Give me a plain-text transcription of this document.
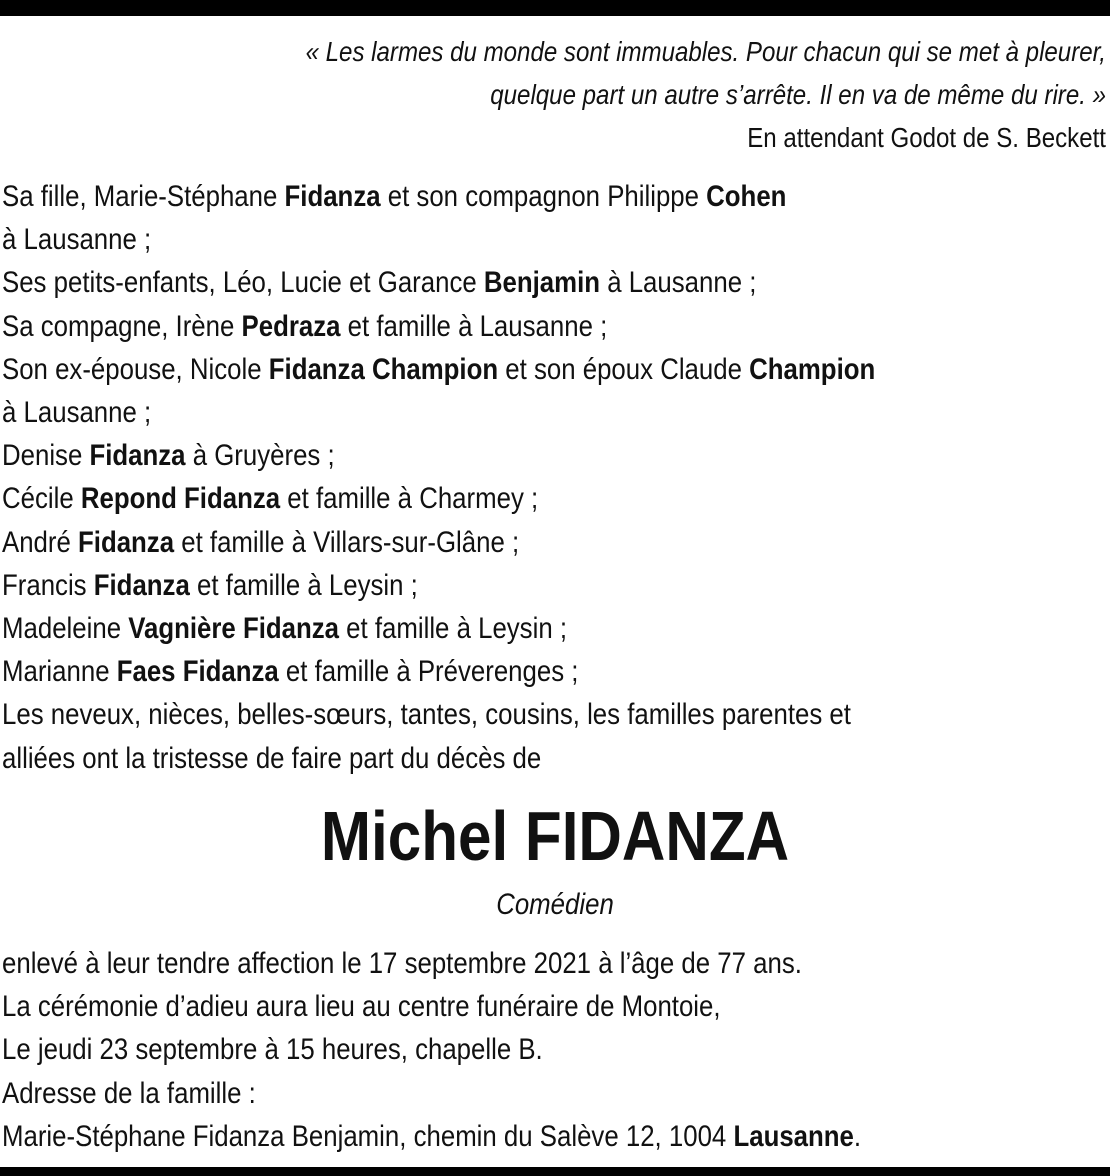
« Les larmes du monde sont immuables. Pour chacun qui se met à pleurer,
quelque part un autre s’arrête. Il en va de même du rire. »
En attendant Godot de S. Beckett
Sa fille, Marie-Stéphane Fidanza et son compagnon Philippe Cohen
à Lausanne ;
Ses petits-enfants, Léo, Lucie et Garance Benjamin à Lausanne ;
Sa compagne, Irène Pedraza et famille à Lausanne ;
Son ex-épouse, Nicole Fidanza Champion et son époux Claude Champion
à Lausanne ;
Denise Fidanza à Gruyères ;
Cécile Repond Fidanza et famille à Charmey ;
André Fidanza et famille à Villars-sur-Glâne ;
Francis Fidanza et famille à Leysin ;
Madeleine Vagnière Fidanza et famille à Leysin ;
Marianne Faes Fidanza et famille à Préverenges ;
Les neveux, nièces, belles-sœurs, tantes, cousins, les familles parentes et
alliées ont la tristesse de faire part du décès de
Michel FIDANZA
Comédien
enlevé à leur tendre affection le 17 septembre 2021 à l’âge de 77 ans.
La cérémonie d’adieu aura lieu au centre funéraire de Montoie,
Le jeudi 23 septembre à 15 heures, chapelle B.
Adresse de la famille :
Marie-Stéphane Fidanza Benjamin, chemin du Salève 12, 1004 Lausanne.
